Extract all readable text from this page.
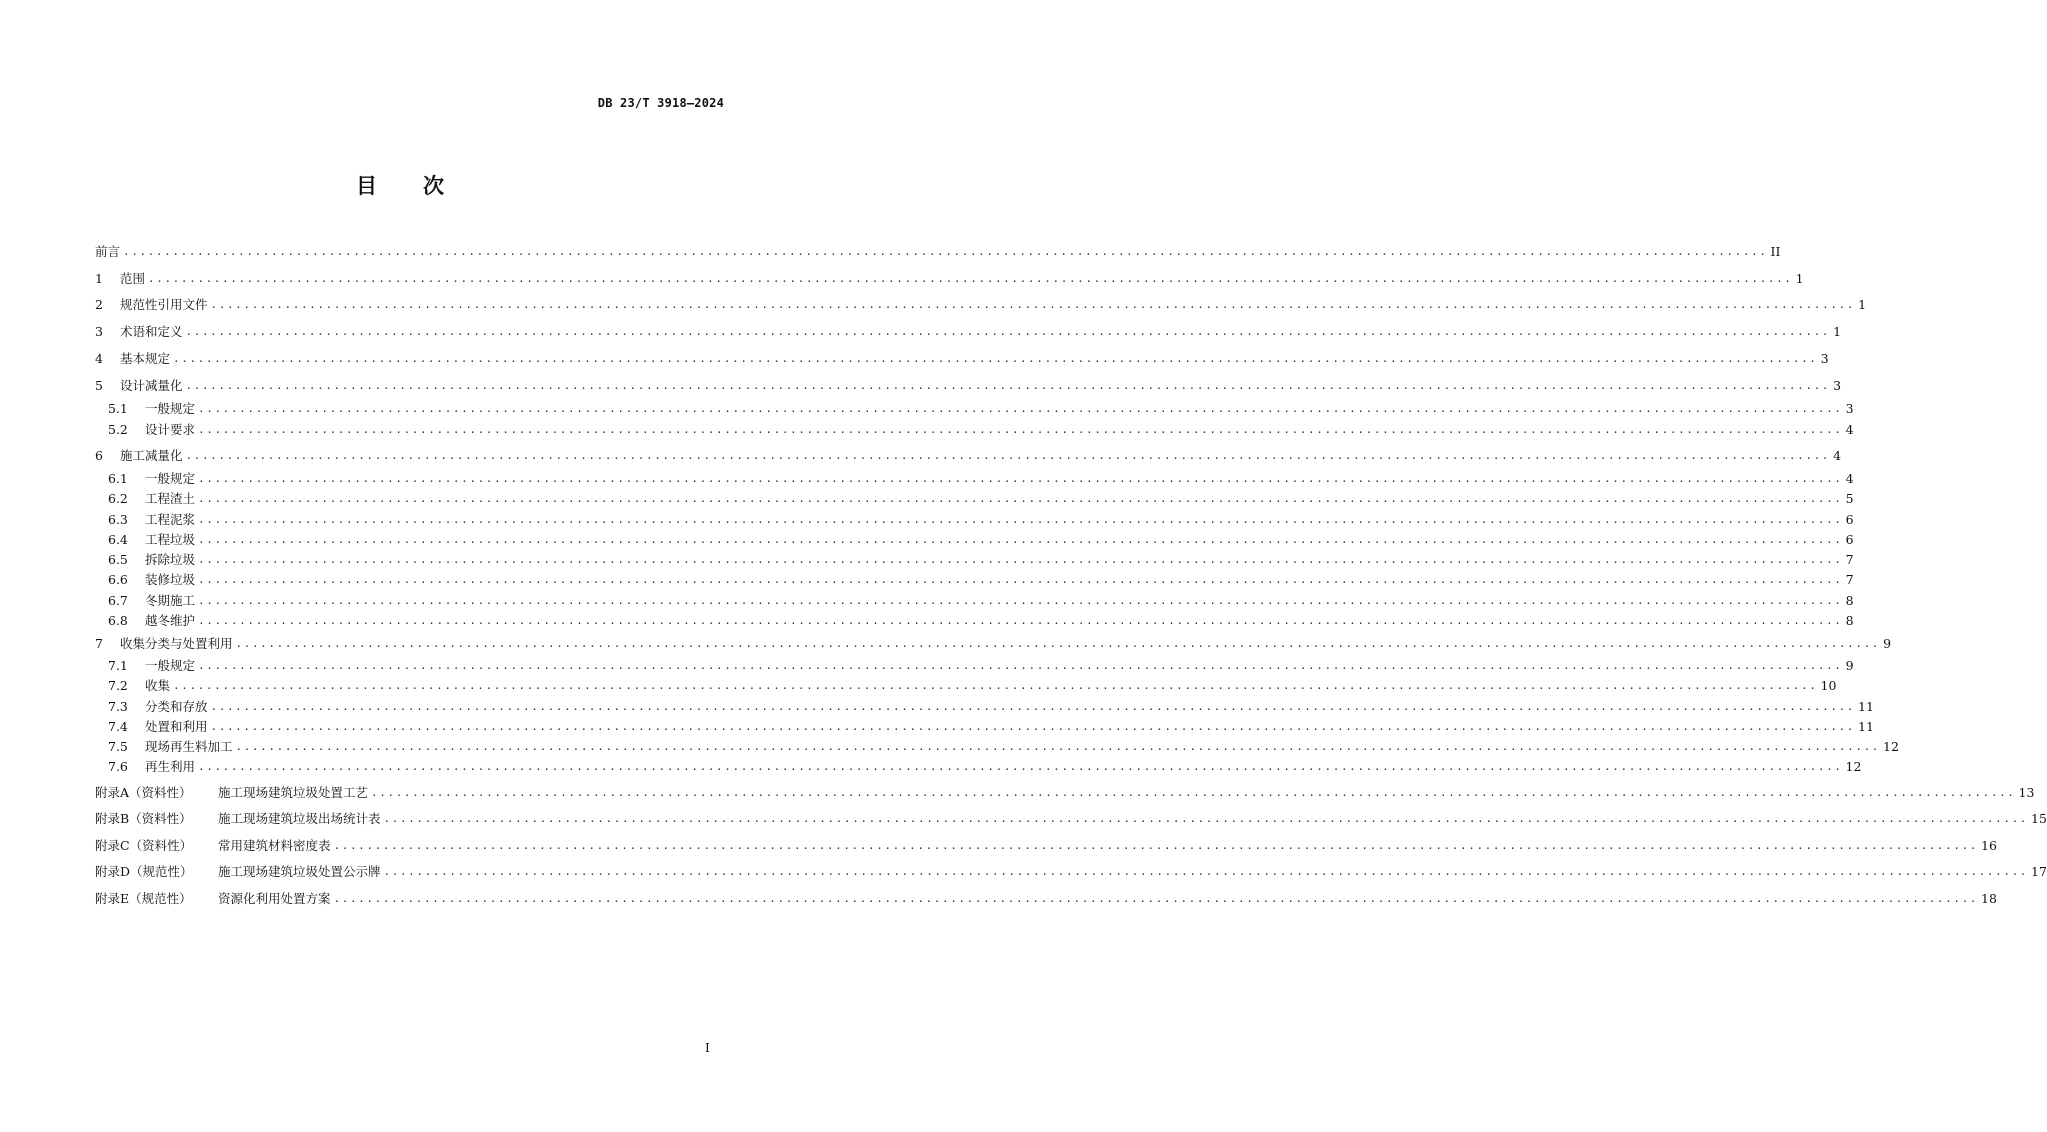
DB 23/T 3918—2024
目 次
前言 ........................................................................................................................................................................................................ II
1	范围 ........................................................................................................................................................................................................ 1
2	规范性引用文件 ........................................................................................................................................................................................................ 1
3	术语和定义 ........................................................................................................................................................................................................ 1
4	基本规定 ........................................................................................................................................................................................................ 3
5	设计减量化 ........................................................................................................................................................................................................ 3
5.1	一般规定 ........................................................................................................................................................................................................ 3
5.2	设计要求 ........................................................................................................................................................................................................ 4
6	施工减量化 ........................................................................................................................................................................................................ 4
6.1	一般规定 ........................................................................................................................................................................................................ 4
6.2	工程渣土 ........................................................................................................................................................................................................ 5
6.3	工程泥浆 ........................................................................................................................................................................................................ 6
6.4	工程垃圾 ........................................................................................................................................................................................................ 6
6.5	拆除垃圾 ........................................................................................................................................................................................................ 7
6.6	装修垃圾 ........................................................................................................................................................................................................ 7
6.7	冬期施工 ........................................................................................................................................................................................................ 8
6.8	越冬维护 ........................................................................................................................................................................................................ 8
7	收集分类与处置利用 ........................................................................................................................................................................................................ 9
7.1	一般规定 ........................................................................................................................................................................................................ 9
7.2	收集 ........................................................................................................................................................................................................ 10
7.3	分类和存放 ........................................................................................................................................................................................................ 11
7.4	处置和利用 ........................................................................................................................................................................................................ 11
7.5	现场再生料加工 ........................................................................................................................................................................................................ 12
7.6	再生利用 ........................................................................................................................................................................................................ 12
附录A（资料性）	施工现场建筑垃圾处置工艺 ........................................................................................................................................................................................................ 13
附录B（资料性）	施工现场建筑垃圾出场统计表 ........................................................................................................................................................................................................ 15
附录C（资料性）	常用建筑材料密度表 ........................................................................................................................................................................................................ 16
附录D（规范性）	施工现场建筑垃圾处置公示牌 ........................................................................................................................................................................................................ 17
附录E（规范性）	资源化利用处置方案 ........................................................................................................................................................................................................ 18
I
